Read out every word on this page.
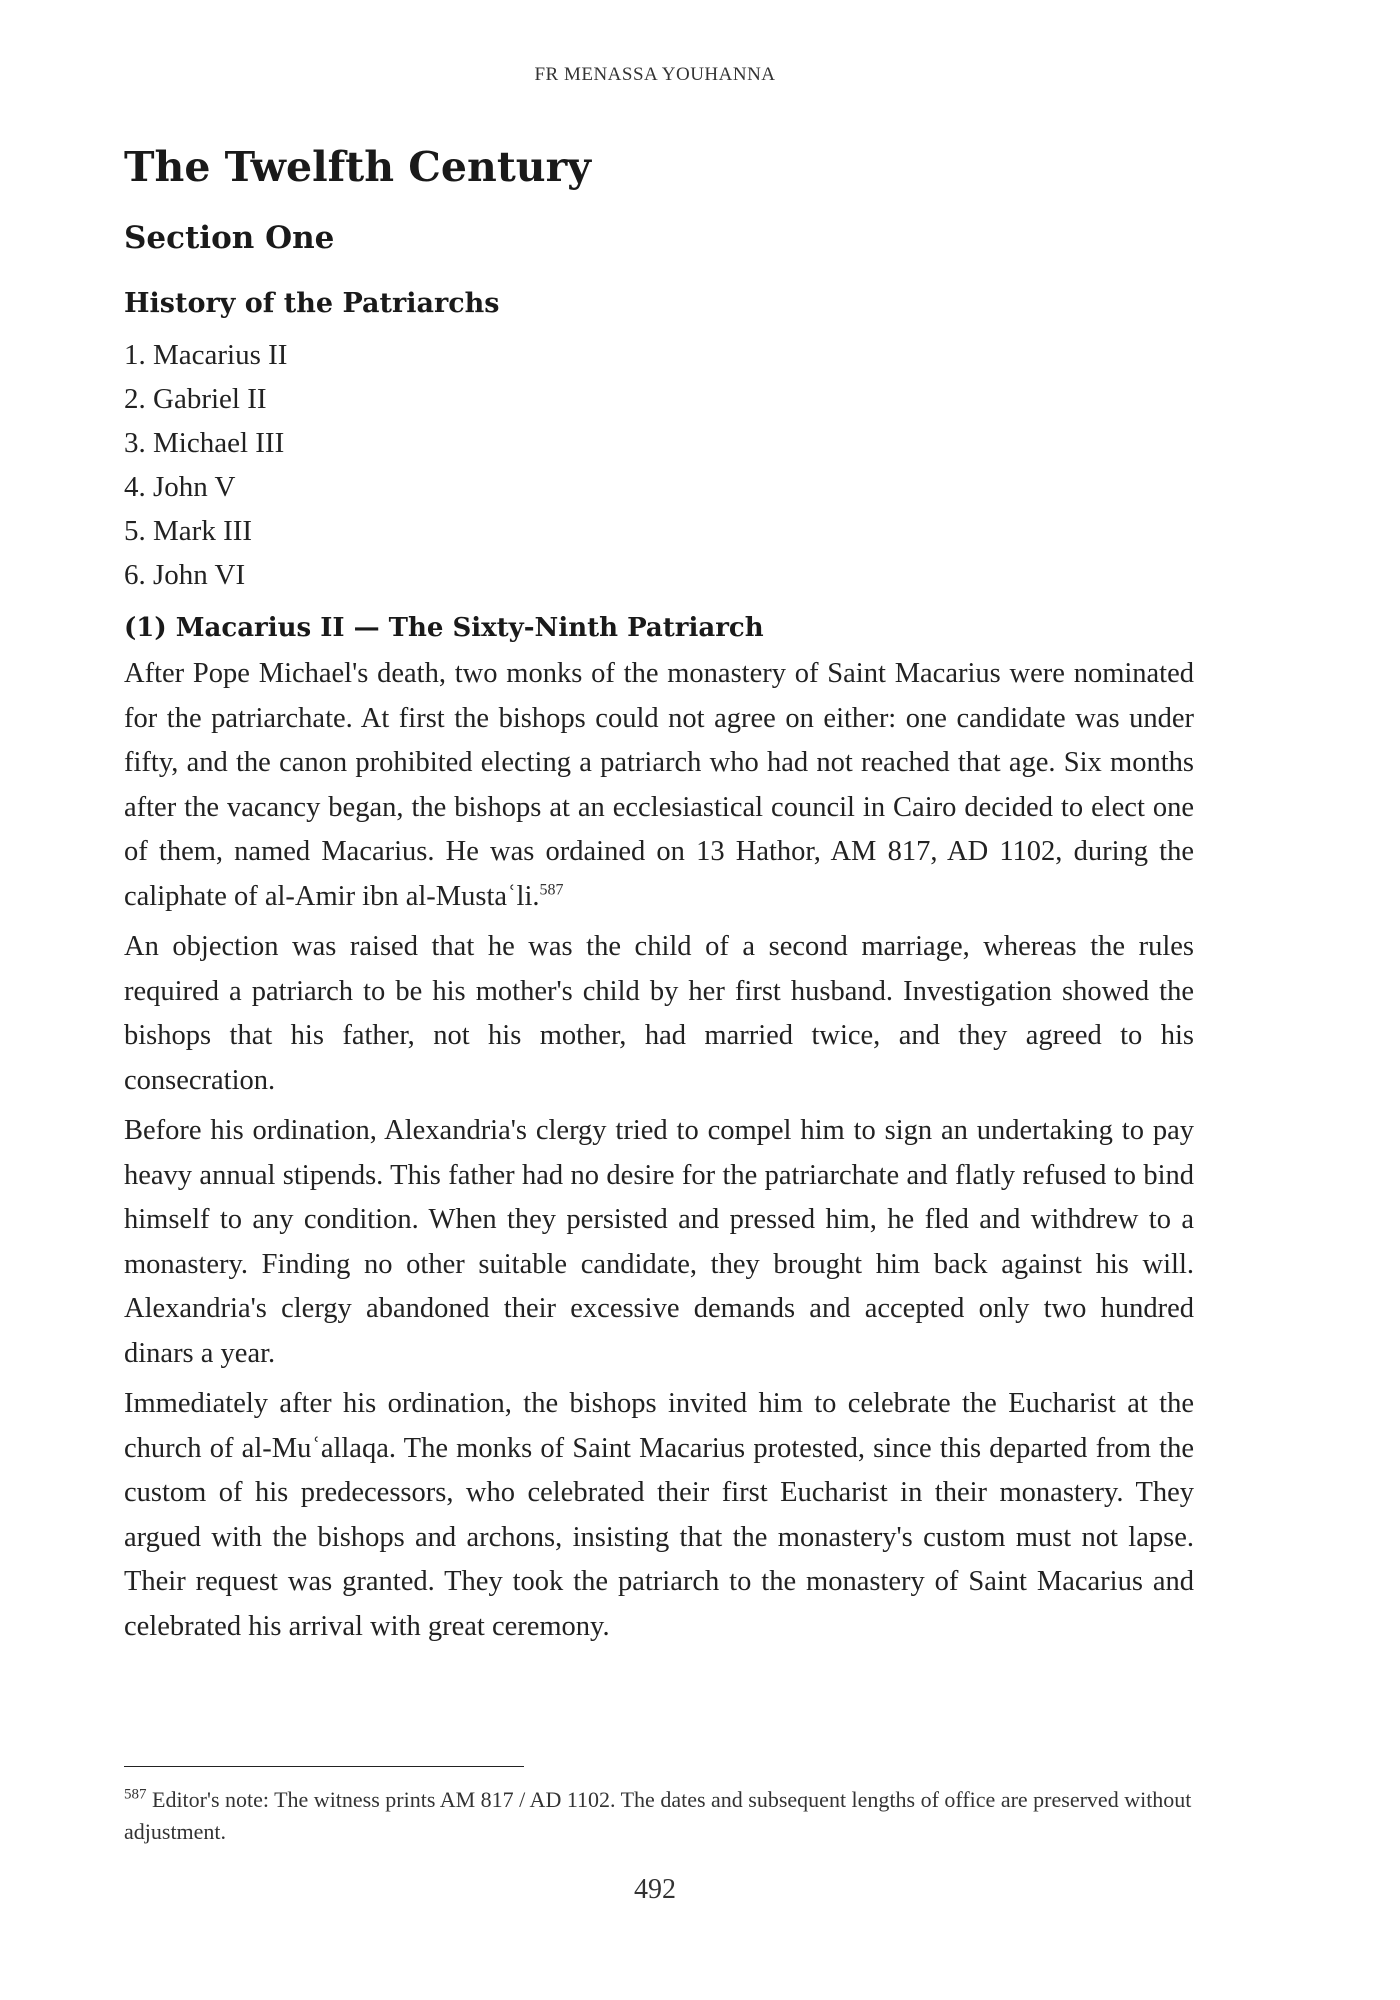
FR MENASSA YOUHANNA
The Twelfth Century
Section One
History of the Patriarchs
1. Macarius II
2. Gabriel II
3. Michael III
4. John V
5. Mark III
6. John VI
(1) Macarius II — The Sixty-Ninth Patriarch

After Pope Michael's death, two monks of the monastery of Saint Macarius were nominated for the patriarchate. At first the bishops could not agree on either: one candidate was under fifty, and the canon prohibited electing a patriarch who had not reached that age. Six months after the vacancy began, the bishops at an ecclesiastical council in Cairo decided to elect one of them, named Macarius. He was ordained on 13 Hathor, AM 817, AD 1102, during the caliphate of al-Amir ibn al-Mustaʿli.$^{587}$

An objection was raised that he was the child of a second marriage, whereas the rules required a patriarch to be his mother's child by her first husband. Investigation showed the bishops that his father, not his mother, had married twice, and they agreed to his consecration.

Before his ordination, Alexandria's clergy tried to compel him to sign an undertaking to pay heavy annual stipends. This father had no desire for the patriarchate and flatly refused to bind himself to any condition. When they persisted and pressed him, he fled and withdrew to a monastery. Finding no other suitable candidate, they brought him back against his will. Alexandria's clergy abandoned their excessive demands and accepted only two hundred dinars a year.

Immediately after his ordination, the bishops invited him to celebrate the Eucharist at the church of al-Muʿallaqa. The monks of Saint Macarius protested, since this departed from the custom of his predecessors, who celebrated their first Eucharist in their monastery. They argued with the bishops and archons, insisting that the monastery's custom must not lapse. Their request was granted. They took the patriarch to the monastery of Saint Macarius and celebrated his arrival with great ceremony.

$^{587}$ Editor's note: The witness prints AM 817 / AD 1102. The dates and subsequent lengths of office are preserved without adjustment.
492
